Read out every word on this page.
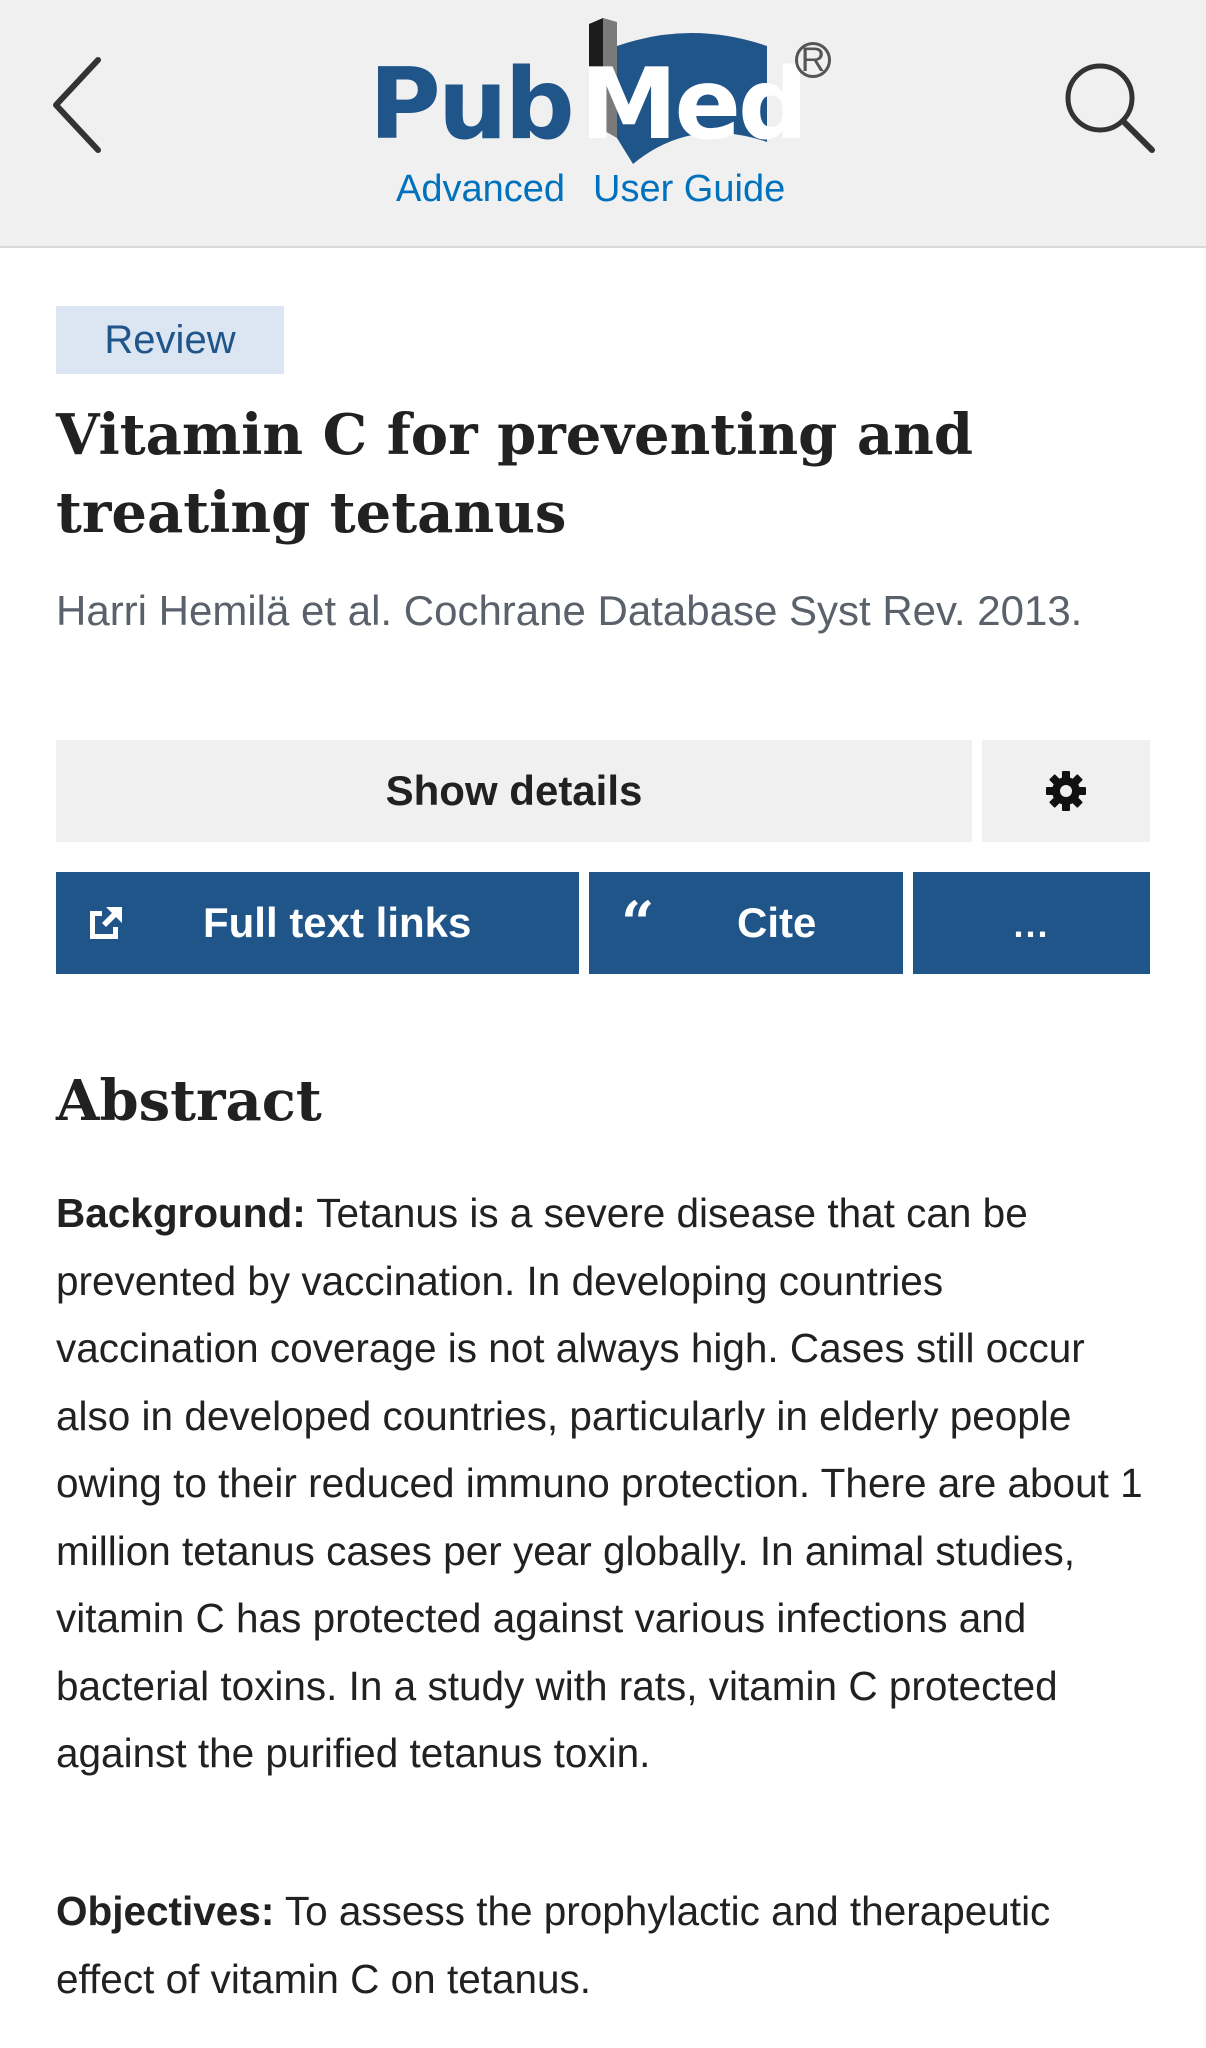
Pub Med
R
Advanced User Guide
Review
Vitamin C for preventing and treating tetanus
Harri Hemilä et al. Cochrane Database Syst Rev. 2013.
Show details
Full text links	“ Cite	...
Abstract

Background: Tetanus is a severe disease that can be prevented by vaccination. In developing countries vaccination coverage is not always high. Cases still occur also in developed countries, particularly in elderly people owing to their reduced immuno protection. There are about 1 million tetanus cases per year globally. In animal studies, vitamin C has protected against various infections and bacterial toxins. In a study with rats, vitamin C protected against the purified tetanus toxin.

Objectives: To assess the prophylactic and therapeutic effect of vitamin C on tetanus.
